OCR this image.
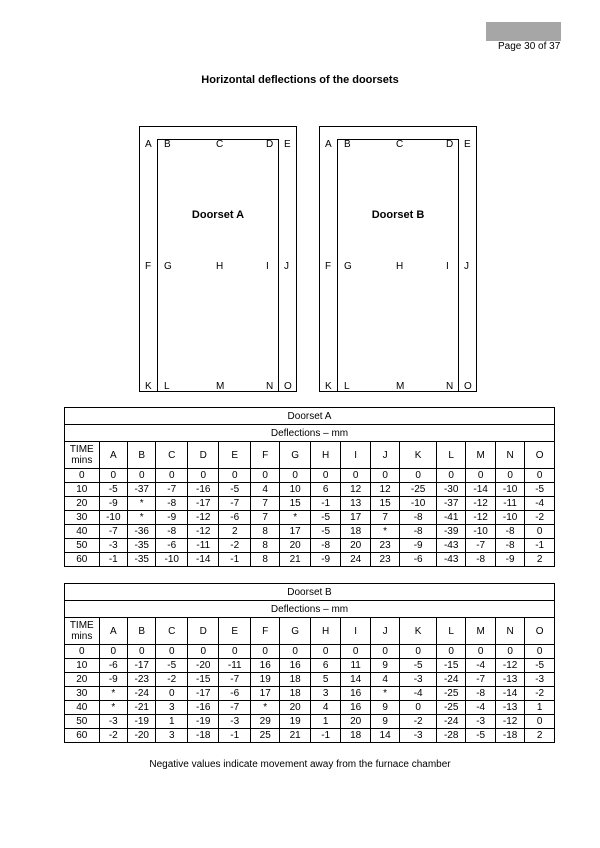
Page 30 of 37
Horizontal deflections of the doorsets
Doorset A
A B	C	D E
F G	H	I J
K L	M	N O
Doorset B
A B	C	D E
F G	H	I J
K L	M	N O
Doorset A															
Deflections – mm															
TIME mins	A	B	C	D	E	F	G	H	I	J	K	L	M	N	O
0	0	0	0	0	0	0	0	0	0	0	0	0	0	0	0
10	-5	-37	-7	-16	-5	4	10	6	12	12	-25	-30	-14	-10	-5
20	-9	*	-8	-17	-7	7	15	-1	13	15	-10	-37	-12	-11	-4
30	-10	*	-9	-12	-6	7	*	-5	17	7	-8	-41	-12	-10	-2
40	-7	-36	-8	-12	2	8	17	-5	18	*	-8	-39	-10	-8	0
50	-3	-35	-6	-11	-2	8	20	-8	20	23	-9	-43	-7	-8	-1
60	-1	-35	-10	-14	-1	8	21	-9	24	23	-6	-43	-8	-9	2
Doorset B															
Deflections – mm															
TIME mins	A	B	C	D	E	F	G	H	I	J	K	L	M	N	O
0	0	0	0	0	0	0	0	0	0	0	0	0	0	0	0
10	-6	-17	-5	-20	-11	16	16	6	11	9	-5	-15	-4	-12	-5
20	-9	-23	-2	-15	-7	19	18	5	14	4	-3	-24	-7	-13	-3
30	*	-24	0	-17	-6	17	18	3	16	*	-4	-25	-8	-14	-2
40	*	-21	3	-16	-7	*	20	4	16	9	0	-25	-4	-13	1
50	-3	-19	1	-19	-3	29	19	1	20	9	-2	-24	-3	-12	0
60	-2	-20	3	-18	-1	25	21	-1	18	14	-3	-28	-5	-18	2
Negative values indicate movement away from the furnace chamber
